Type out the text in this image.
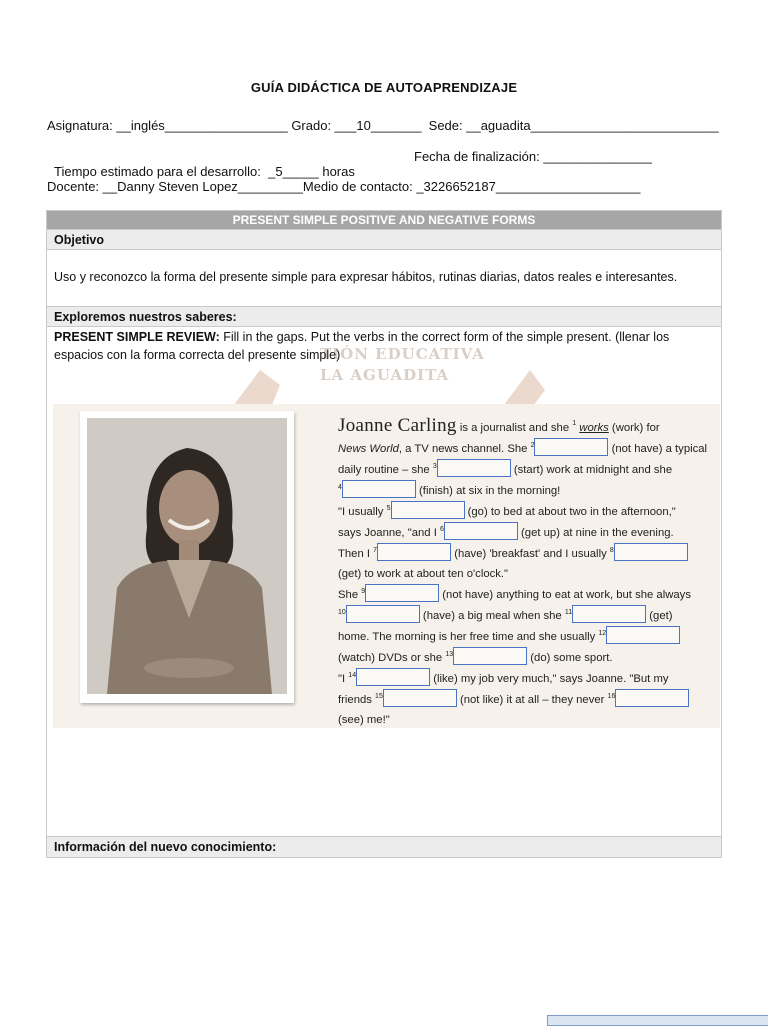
GUÍA DIDÁCTICA DE AUTOAPRENDIZAJE
Asignatura: __inglés_________________ Grado: ___10_______  Sede: __aguadita__________________________

Tiempo estimado para el desarrollo:  _5_____ horas

Fecha de finalización: _______________

Docente: __Danny Steven Lopez_________Medio de contacto: _3226652187____________________
TIÓN EDUCATIVA
LA AGUADITA
PRESENT SIMPLE POSITIVE AND NEGATIVE FORMS
Objetivo
Uso y reconozco la forma del presente simple para expresar hábitos, rutinas diarias, datos reales e interesantes.
Exploremos nuestros saberes:
PRESENT SIMPLE REVIEW: Fill in the gaps. Put the verbs in the correct form of the simple present. (llenar los espacios con la forma correcta del presente simple)
Información del nuevo conocimiento:
Joanne Carling is a journalist and she $^1$ works (work) for
News World, a TV news channel. She $^2$	(not have) a typical
daily routine – she $^3$	(start) work at midnight and she
$^4$	(finish) at six in the morning!
"I usually $^5$	(go) to bed at about two in the afternoon,"
says Joanne, "and I $^6$	(get up) at nine in the evening.
Then I $^7$	(have) 'breakfast' and I usually $^8$
(get) to work at about ten o'clock."
She $^9$	(not have) anything to eat at work, but she always
$^{10}$	(have) a big meal when she $^{11}$	(get)
home. The morning is her free time and she usually $^{12}$
(watch) DVDs or she $^{13}$	(do) some sport.
"I $^{14}$	(like) my job very much," says Joanne. "But my
friends $^{15}$	(not like) it at all – they never $^{16}$
(see) me!"
